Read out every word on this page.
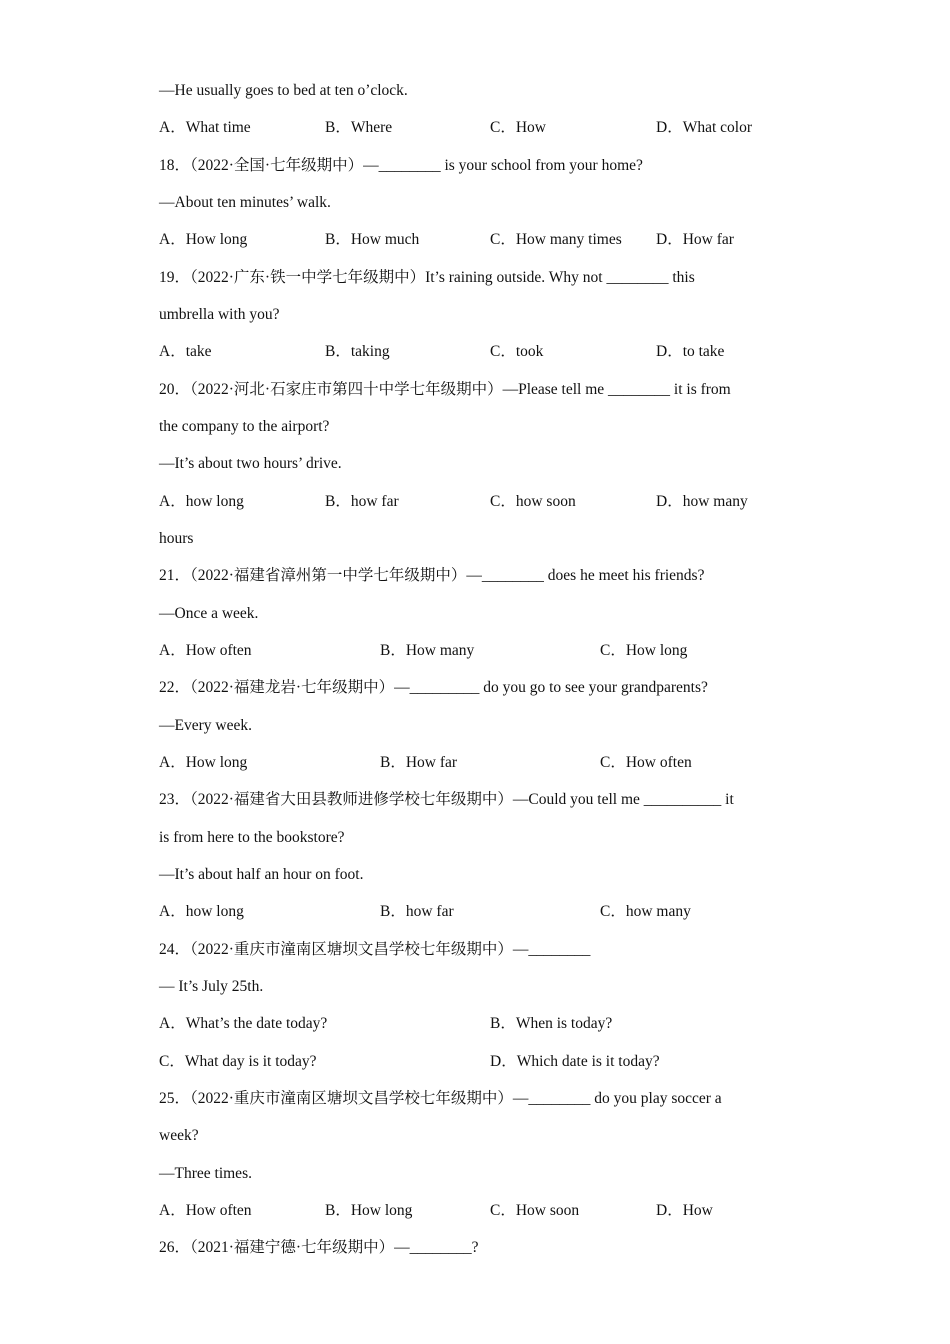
—He usually goes to bed at ten o’clock.
A．What time	B．Where	C．How	D．What color
18．（2022·全国·七年级期中）—________ is your school from your home?
—About ten minutes’ walk.
A．How long	B．How much	C．How many times D．How far
19．（2022·广东·铁一中学七年级期中）It’s raining outside. Why not ________ this
umbrella with you?
A．take	B．taking	C．took	D．to take
20．（2022·河北·石家庄市第四十中学七年级期中）—Please tell me ________ it is from
the company to the airport?
—It’s about two hours’ drive.
A．how long	B．how far	C．how soon	D．how many
hours
21．（2022·福建省漳州第一中学七年级期中）—________ does he meet his friends?
—Once a week.
A．How often	B．How many	C．How long
22．（2022·福建龙岩·七年级期中）—_________ do you go to see your grandparents?
—Every week.
A．How long	B．How far	C．How often
23．（2022·福建省大田县教师进修学校七年级期中）—Could you tell me __________ it
is from here to the bookstore?
—It’s about half an hour on foot.
A．how long	B．how far	C．how many
24．（2022·重庆市潼南区塘坝文昌学校七年级期中）—________
— It’s July 25th.
A．What’s the date today?	B．When is today?
C．What day is it today?	D．Which date is it today?
25．（2022·重庆市潼南区塘坝文昌学校七年级期中）—________ do you play soccer a
week?
—Three times.
A．How often	B．How long	C．How soon	D．How
26．（2021·福建宁德·七年级期中）—________?
